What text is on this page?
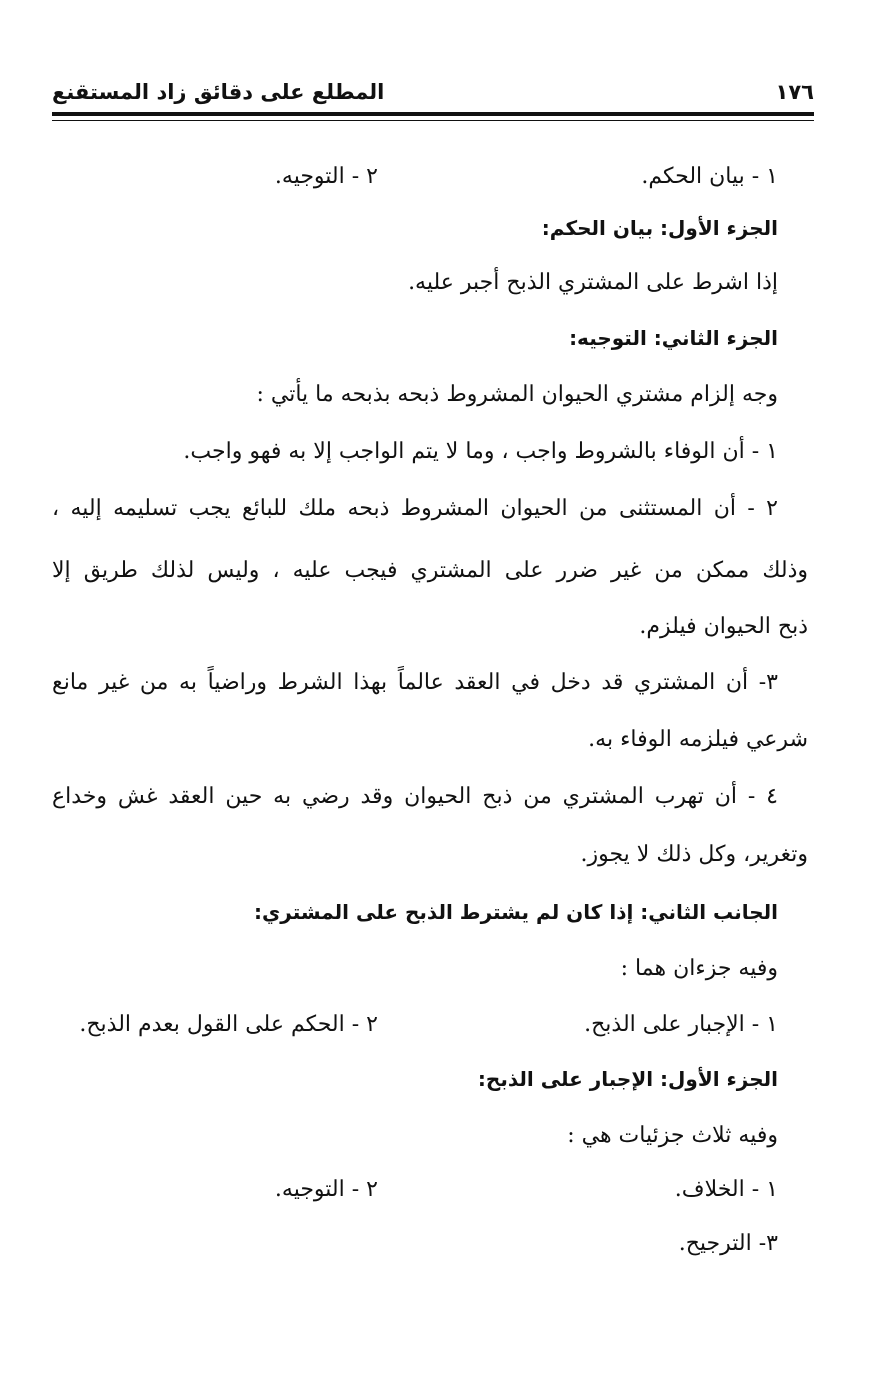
١٧٦
المطلع على دقائق زاد المستقنع
١ - بيان الحكم.
٢ - التوجيه.
الجزء الأول: بيان الحكم:
إذا اشرط على المشتري الذبح أجبر عليه.
الجزء الثاني: التوجيه:
وجه إلزام مشتري الحيوان المشروط ذبحه بذبحه ما يأتي :
١ - أن الوفاء بالشروط واجب ، وما لا يتم الواجب إلا به فهو واجب.
٢ - أن المستثنى من الحيوان المشروط ذبحه ملك للبائع يجب تسليمه إليه ،
وذلك ممكن من غير ضرر على المشتري فيجب عليه ، وليس لذلك طريق إلا
ذبح الحيوان فيلزم.
٣- أن المشتري قد دخل في العقد عالماً بهذا الشرط وراضياً به من غير مانع
شرعي فيلزمه الوفاء به.
٤ - أن تهرب المشتري من ذبح الحيوان وقد رضي به حين العقد غش وخداع
وتغرير، وكل ذلك لا يجوز.
الجانب الثاني: إذا كان لم يشترط الذبح على المشتري:
وفيه جزءان هما :
١ - الإجبار على الذبح.
٢ - الحكم على القول بعدم الذبح.
الجزء الأول: الإجبار على الذبح:
وفيه ثلاث جزئيات هي :
١ - الخلاف.
٢ - التوجيه.
٣- الترجيح.
